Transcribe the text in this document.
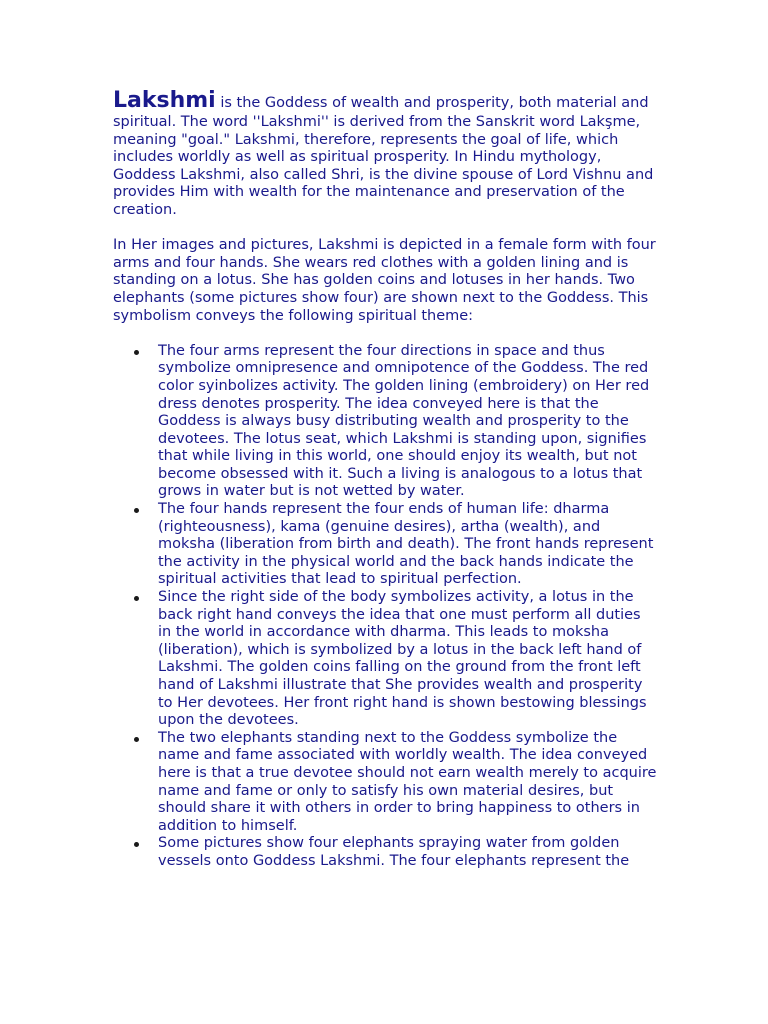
Lakshmi is the Goddess of wealth and prosperity, both material and spiritual. The word ''Lakshmi'' is derived from the Sanskrit word Lakşme, meaning "goal." Lakshmi, therefore, represents the goal of life, which includes worldly as well as spiritual prosperity. In Hindu mythology, Goddess Lakshmi, also called Shri, is the divine spouse of Lord Vishnu and provides Him with wealth for the maintenance and preservation of the creation.

In Her images and pictures, Lakshmi is depicted in a female form with four arms and four hands. She wears red clothes with a golden lining and is standing on a lotus. She has golden coins and lotuses in her hands. Two elephants (some pictures show four) are shown next to the Goddess. This symbolism conveys the following spiritual theme:

The four arms represent the four directions in space and thus symbolize omnipresence and omnipotence of the Goddess. The red color syinbolizes activity. The golden lining (embroidery) on Her red dress denotes prosperity. The idea conveyed here is that the Goddess is always busy distributing wealth and prosperity to the devotees. The lotus seat, which Lakshmi is standing upon, signifies that while living in this world, one should enjoy its wealth, but not become obsessed with it. Such a living is analogous to a lotus that grows in water but is not wetted by water.
The four hands represent the four ends of human life: dharma (righteousness), kama (genuine desires), artha (wealth), and moksha (liberation from birth and death). The front hands represent the activity in the physical world and the back hands indicate the spiritual activities that lead to spiritual perfection.
Since the right side of the body symbolizes activity, a lotus in the back right hand conveys the idea that one must perform all duties in the world in accordance with dharma. This leads to moksha (liberation), which is symbolized by a lotus in the back left hand of Lakshmi. The golden coins falling on the ground from the front left hand of Lakshmi illustrate that She provides wealth and prosperity to Her devotees. Her front right hand is shown bestowing blessings upon the devotees.
The two elephants standing next to the Goddess symbolize the name and fame associated with worldly wealth. The idea conveyed here is that a true devotee should not earn wealth merely to acquire name and fame or only to satisfy his own material desires, but should share it with others in order to bring happiness to others in addition to himself.
Some pictures show four elephants spraying water from golden vessels onto Goddess Lakshmi. The four elephants represent the
